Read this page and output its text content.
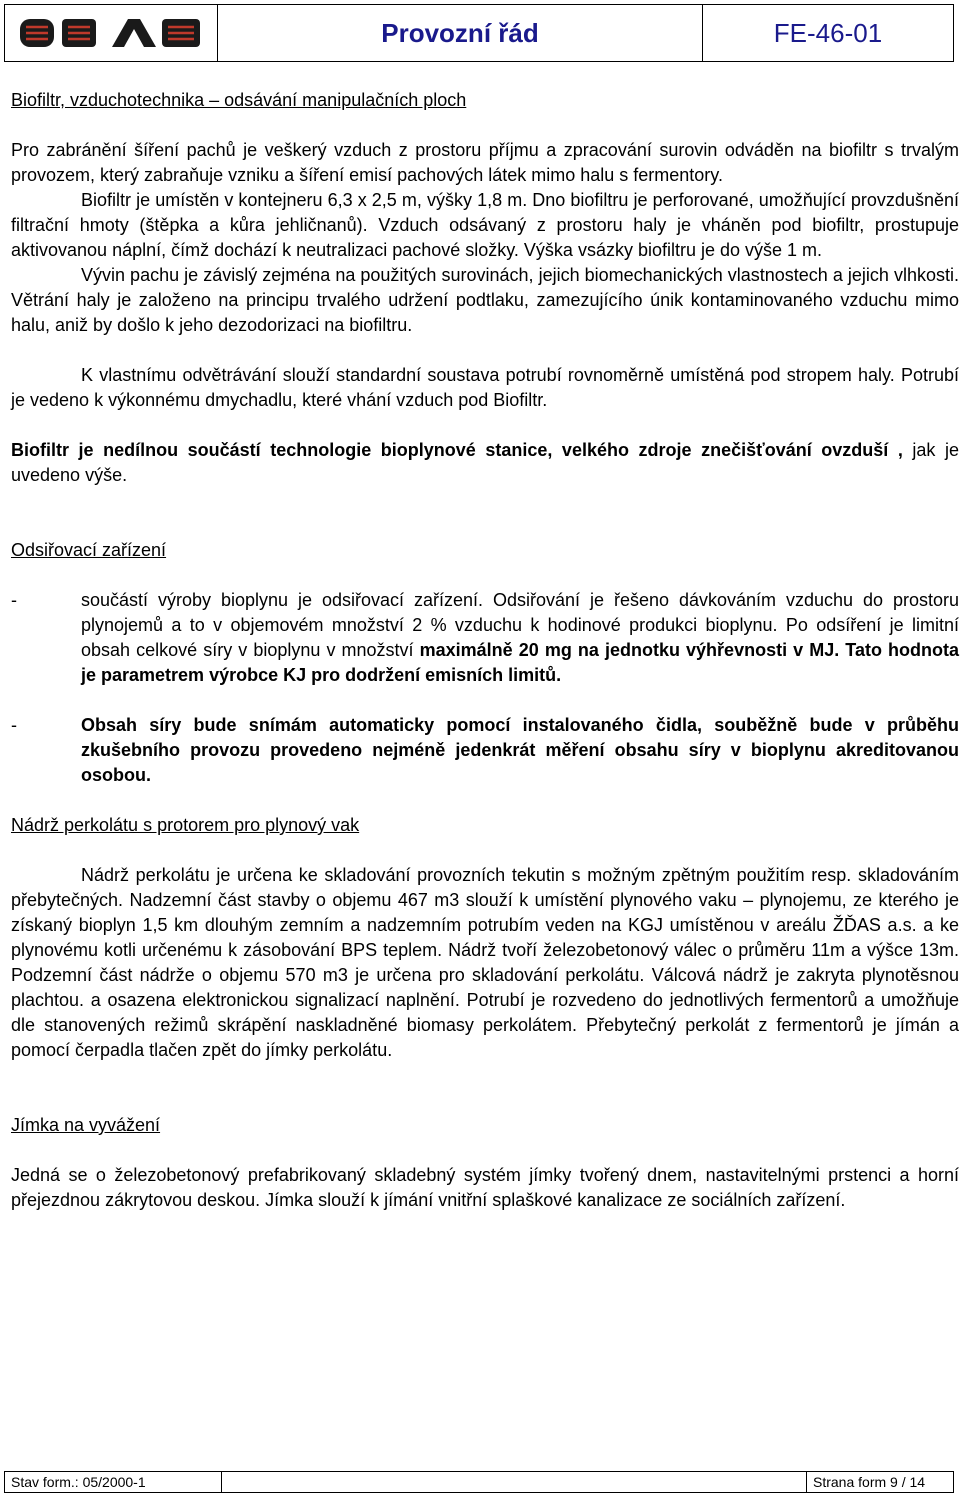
Provozní řád	FE-46-01

Biofiltr, vzduchotechnika – odsávání manipulačních ploch

Pro zabránění šíření pachů je veškerý vzduch z prostoru příjmu a zpracování surovin odváděn na biofiltr s trvalým provozem, který zabraňuje vzniku a šíření emisí pachových látek mimo halu s fermentory.

Biofiltr je umístěn v kontejneru 6,3 x 2,5 m, výšky 1,8 m. Dno biofiltru je perforované, umožňující provzdušnění filtrační hmoty (štěpka a kůra jehličnanů). Vzduch odsávaný z prostoru haly je vháněn pod biofiltr, prostupuje aktivovanou náplní, čímž dochází k neutralizaci pachové složky. Výška vsázky biofiltru je do výše 1 m.

Vývin pachu je závislý zejména na použitých surovinách, jejich biomechanických vlastnostech a jejich vlhkosti. Větrání haly je založeno na principu trvalého udržení podtlaku, zamezujícího únik kontaminovaného vzduchu mimo halu, aniž by došlo k jeho dezodorizaci na biofiltru.

K vlastnímu odvětrávání slouží standardní soustava potrubí rovnoměrně umístěná pod stropem haly. Potrubí je vedeno k výkonnému dmychadlu, které vhání vzduch pod Biofiltr.

Biofiltr je nedílnou součástí technologie bioplynové stanice, velkého zdroje znečišťování ovzduší , jak je uvedeno výše.

Odsiřovací zařízení

-	součástí výroby bioplynu je odsiřovací zařízení. Odsiřování je řešeno dávkováním vzduchu do prostoru plynojemů a to v objemovém množství 2 % vzduchu k hodinové produkci bioplynu. Po odsíření je limitní obsah celkové síry v bioplynu v množství maximálně 20 mg na jednotku výhřevnosti v MJ. Tato hodnota je parametrem výrobce KJ pro dodržení emisních limitů.

-	Obsah síry bude snímám automaticky pomocí instalovaného čidla, souběžně bude v průběhu zkušebního provozu provedeno nejméně jedenkrát měření obsahu síry v bioplynu akreditovanou osobou.

Nádrž perkolátu s protorem pro plynový vak

Nádrž perkolátu je určena ke skladování provozních tekutin s možným zpětným použitím resp. skladováním přebytečných. Nadzemní část stavby o objemu 467 m3 slouží k umístění plynového vaku – plynojemu, ze kterého je získaný bioplyn 1,5 km dlouhým zemním a nadzemním potrubím veden na KGJ umístěnou v areálu ŽĎAS a.s. a ke plynovému kotli určenému k zásobování BPS teplem. Nádrž tvoří železobetonový válec o průměru 11m a výšce 13m. Podzemní část nádrže o objemu 570 m3 je určena pro skladování perkolátu. Válcová nádrž je zakryta plynotěsnou plachtou. a osazena elektronickou signalizací naplnění. Potrubí je rozvedeno do jednotlivých fermentorů a umožňuje dle stanovených režimů skrápění naskladněné biomasy perkolátem. Přebytečný perkolát z fermentorů je jímán a pomocí čerpadla tlačen zpět do jímky perkolátu.

Jímka na vyvážení

Jedná se o železobetonový prefabrikovaný skladebný systém jímky tvořený dnem, nastavitelnými prstenci a horní přejezdnou zákrytovou deskou. Jímka slouží k jímání vnitřní splaškové kanalizace ze sociálních zařízení.

Stav form.: 05/2000-1	Strana form 9 / 14
